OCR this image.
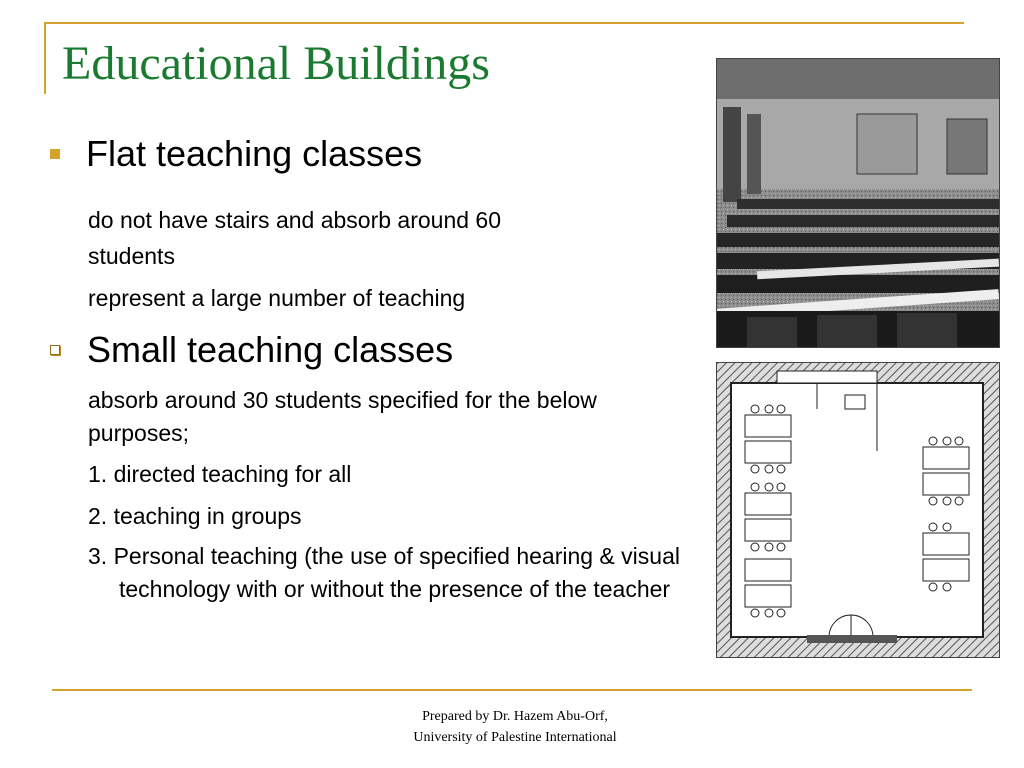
Educational Buildings
Flat teaching classes
do not have stairs and absorb around 60
students
represent a large number of teaching
Small teaching classes
absorb around 30 students specified for the below purposes;
1. directed teaching for all
2. teaching in groups
3. Personal teaching (the use of specified hearing & visual technology with or without the presence of the teacher
Prepared by Dr. Hazem Abu-Orf,
University of Palestine International
